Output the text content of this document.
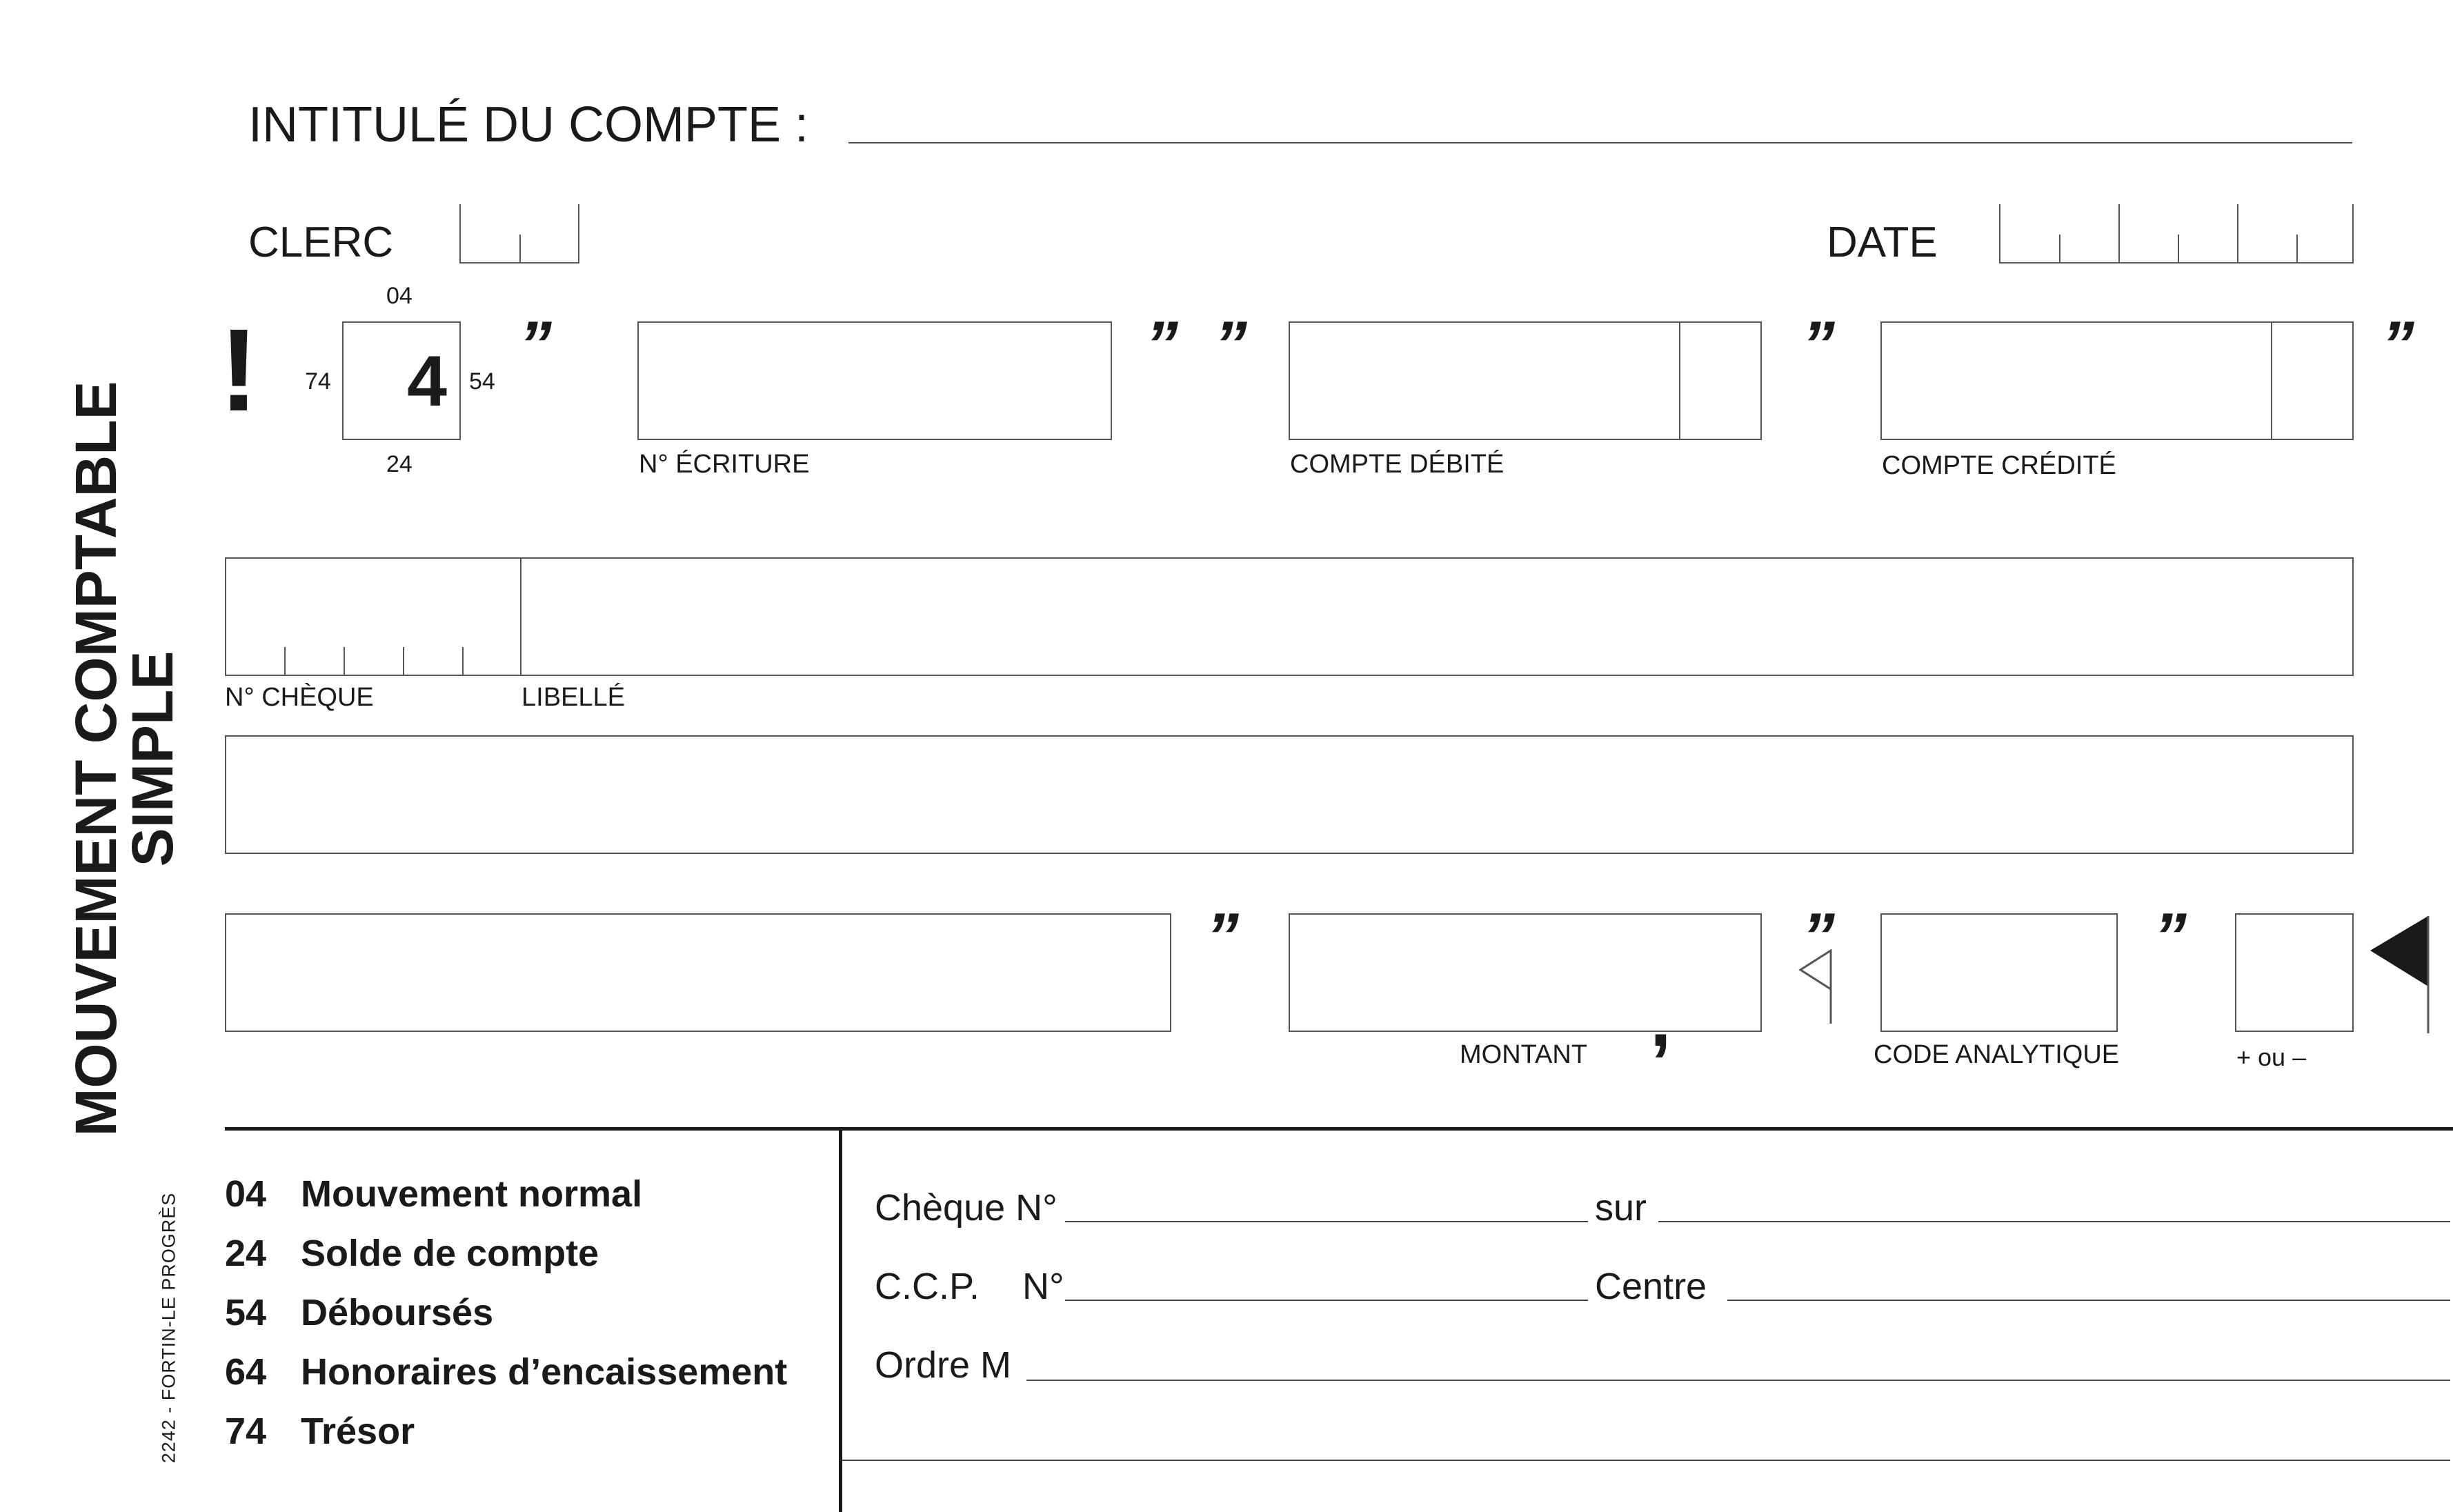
MOUVEMENT COMPTABLE
SIMPLE
2242 - FORTIN-LE PROGRÈS
INTITULÉ DU COMPTE :
CLERC	DATE
!
04
74 4 54
24
”	” ”	”	”
N° ÉCRITURE	COMPTE DÉBITÉ	COMPTE CRÉDITÉ
N° CHÈQUE	LIBELLÉ
”
,
MONTANT
”
CODE ANALYTIQUE
”
+ ou –
04 Mouvement normal
24 Solde de compte
54 Déboursés
64 Honoraires d’encaissement
74 Trésor
Chèque N°	sur
C.C.P. N°	Centre
Ordre M
